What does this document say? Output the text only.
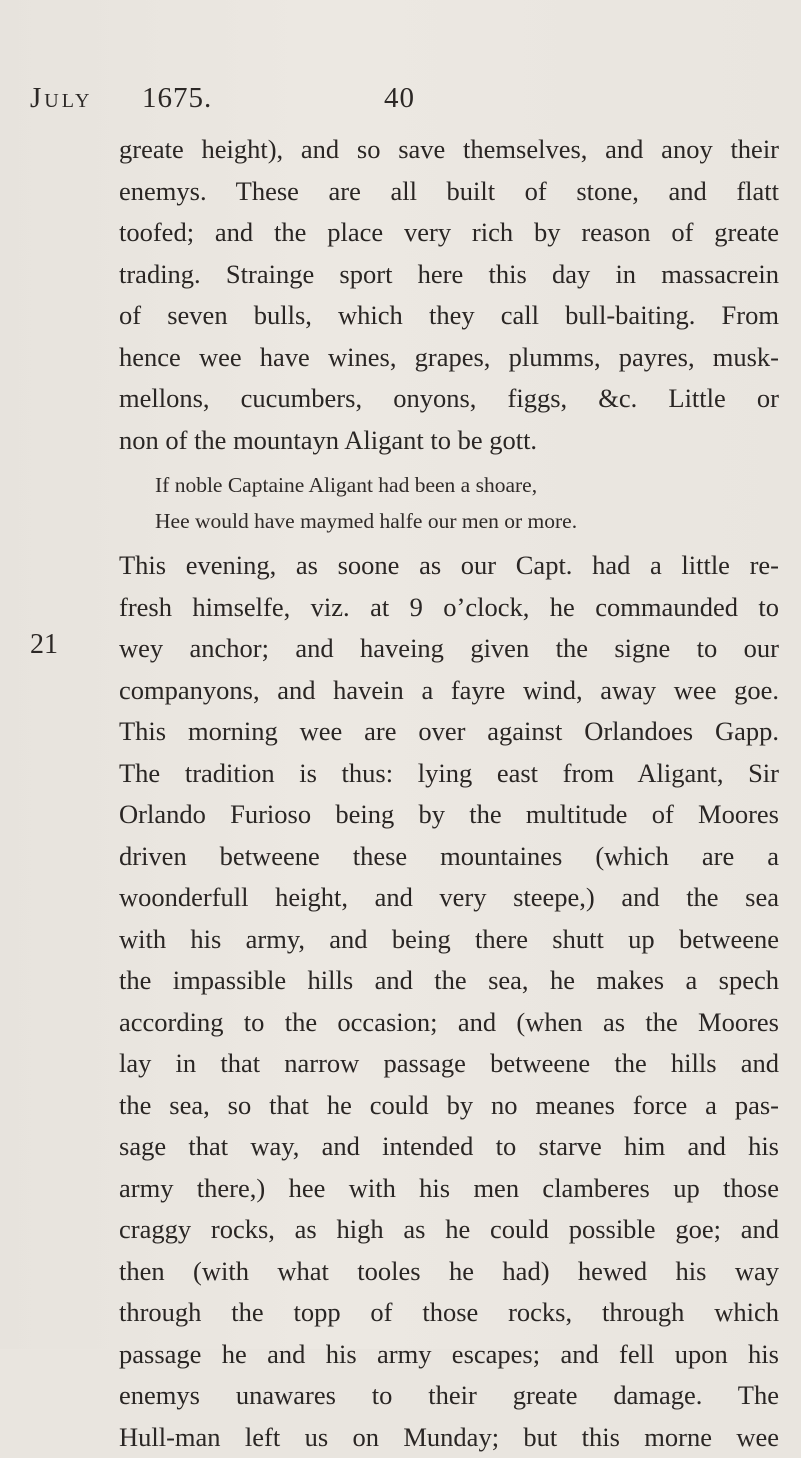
July 1675.	40
21
greate height), and so save themselves, and anoy their
enemys. These are all built of stone, and flatt
toofed; and the place very rich by reason of greate
trading. Strainge sport here this day in massacrein
of seven bulls, which they call bull-baiting. From
hence wee have wines, grapes, plumms, payres, musk-
mellons, cucumbers, onyons, figgs, &c. Little or
non of the mountayn Aligant to be gott.
If noble Captaine Aligant had been a shoare,
Hee would have maymed halfe our men or more.
This evening, as soone as our Capt. had a little re-
fresh himselfe, viz. at 9 o’clock, he commaunded to
wey anchor; and haveing given the signe to our
companyons, and havein a fayre wind, away wee goe.
This morning wee are over against Orlandoes Gapp.
The tradition is thus: lying east from Aligant, Sir
Orlando Furioso being by the multitude of Moores
driven betweene these mountaines (which are a
woonderfull height, and very steepe,) and the sea
with his army, and being there shutt up betweene
the impassible hills and the sea, he makes a spech
according to the occasion; and (when as the Moores
lay in that narrow passage betweene the hills and
the sea, so that he could by no meanes force a pas-
sage that way, and intended to starve him and his
army there,) hee with his men clamberes up those
craggy rocks, as high as he could possible goe; and
then (with what tooles he had) hewed his way
through the topp of those rocks, through which
passage he and his army escapes; and fell upon his
enemys unawares to their greate damage. The
Hull-man left us on Munday; but this morne wee
